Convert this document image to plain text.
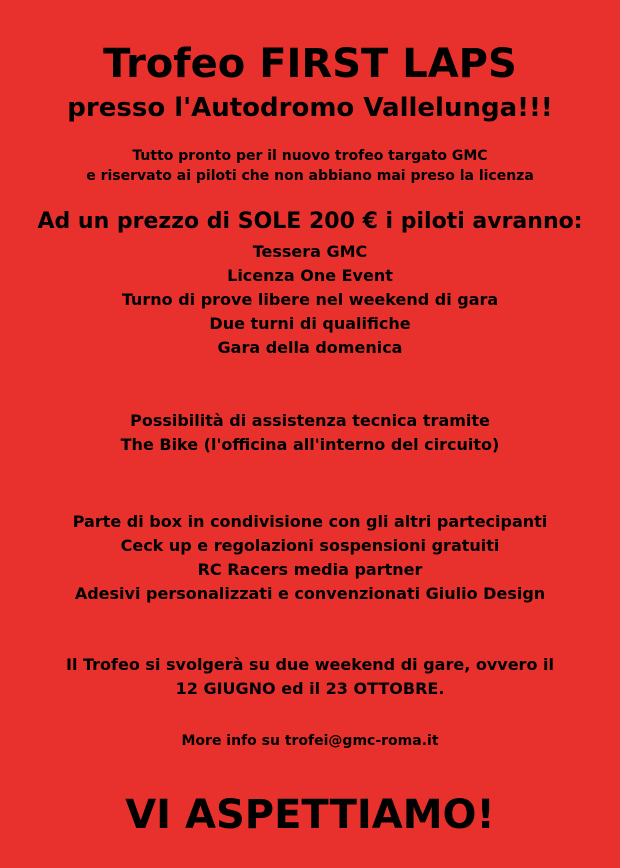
Trofeo FIRST LAPS
presso l'Autodromo Vallelunga!!!
Tutto pronto per il nuovo trofeo targato GMC
e riservato ai piloti che non abbiano mai preso la licenza
Ad un prezzo di SOLE 200 € i piloti avranno:
Tessera GMC
Licenza One Event
Turno di prove libere nel weekend di gara
Due turni di qualifiche
Gara della domenica
Possibilità di assistenza tecnica tramite
The Bike (l'officina all'interno del circuito)
Parte di box in condivisione con gli altri partecipanti
Ceck up e regolazioni sospensioni gratuiti
RC Racers media partner
Adesivi personalizzati e convenzionati Giulio Design
Il Trofeo si svolgerà su due weekend di gare, ovvero il
12 GIUGNO ed il 23 OTTOBRE.
More info su trofei@gmc-roma.it
VI ASPETTIAMO!
